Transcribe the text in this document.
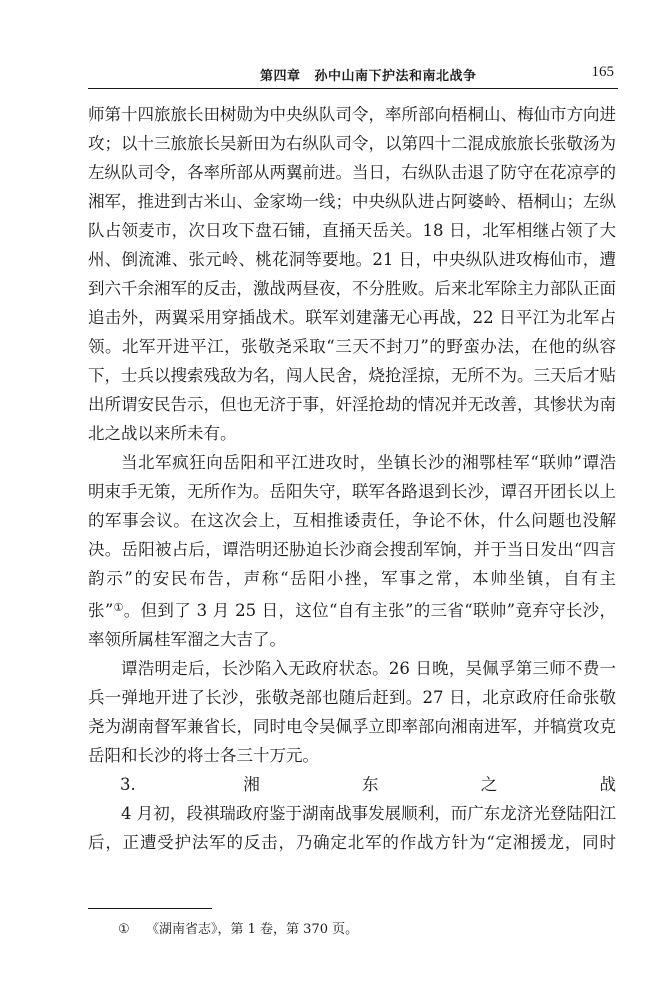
第四章 孙中山南下护法和南北战争	165

师第十四旅旅长田树勋为中央纵队司令，率所部向梧桐山、梅仙市方向进攻；以十三旅旅长吴新田为右纵队司令，以第四十二混成旅旅长张敬汤为左纵队司令，各率所部从两翼前进。当日，右纵队击退了防守在花凉亭的湘军，推进到古米山、金家坳一线；中央纵队进占阿婆岭、梧桐山；左纵队占领麦市，次日攻下盘石铺，直捅天岳关。18 日，北军相继占领了大州、倒流滩、张元岭、桃花洞等要地。21 日，中央纵队进攻梅仙市，遭到六千余湘军的反击，激战两昼夜，不分胜败。后来北军除主力部队正面追击外，两翼采用穿插战术。联军刘建藩无心再战，22 日平江为北军占领。北军开进平江，张敬尧采取“三天不封刀”的野蛮办法，在他的纵容下，士兵以搜索残敌为名，闯人民舍，烧抢淫掠，无所不为。三天后才贴出所谓安民告示，但也无济于事，奸淫抢劫的情况并无改善，其惨状为南北之战以来所未有。

当北军疯狂向岳阳和平江进攻时，坐镇长沙的湘鄂桂军“联帅”谭浩明束手无策，无所作为。岳阳失守，联军各路退到长沙，谭召开团长以上的军事会议。在这次会上，互相推诿责任，争论不休，什么问题也没解决。岳阳被占后，谭浩明还胁迫长沙商会搜刮军饷，并于当日发出“四言韵示”的安民布告，声称“岳阳小挫，军事之常，本帅坐镇，自有主张”①。但到了 3 月 25 日，这位“自有主张”的三省“联帅”竟弃守长沙，率领所属桂军溜之大吉了。

谭浩明走后，长沙陷入无政府状态。26 日晚，吴佩孚第三师不费一兵一弹地开进了长沙，张敬尧部也随后赶到。27 日，北京政府任命张敬尧为湖南督军兼省长，同时电令吴佩孚立即率部向湘南进军，并犒赏攻克岳阳和长沙的将士各三十万元。

3. 湘东之战

4 月初，段祺瑞政府鉴于湖南战事发展顺利，而广东龙济光登陆阳江后，正遭受护法军的反击，乃确定北军的作战方针为“定湘援龙，同时

① 《湖南省志》，第 1 卷，第 370 页。
